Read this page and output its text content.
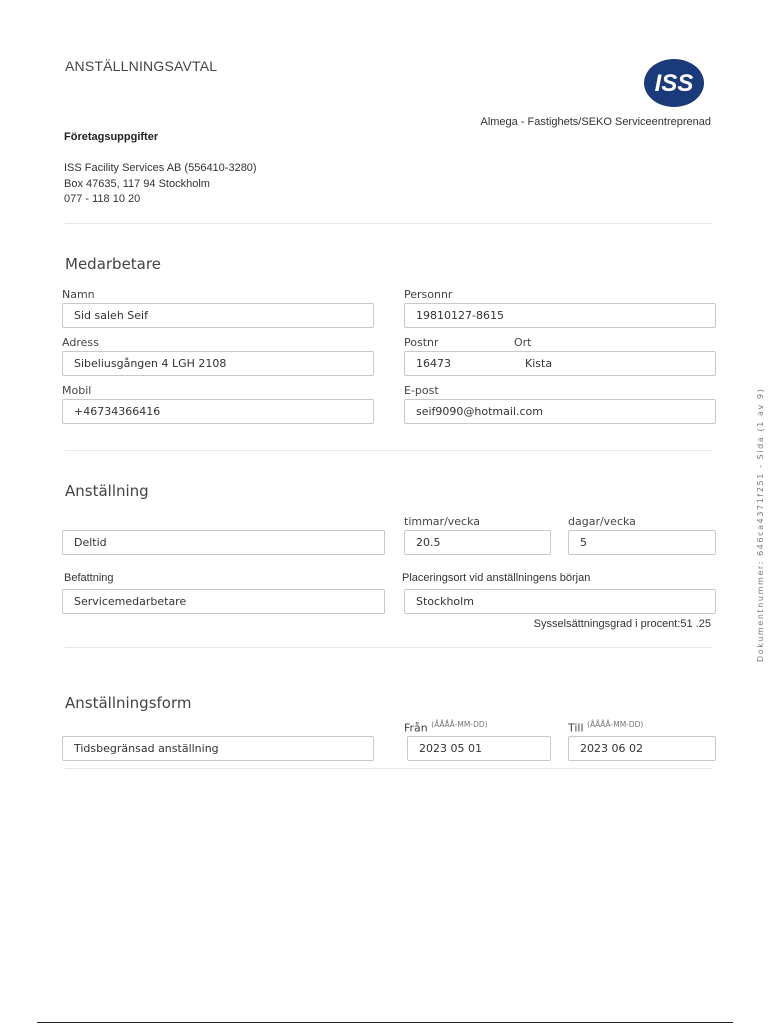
ANSTÄLLNINGSAVTAL
ISS
Almega - Fastighets/SEKO Serviceentreprenad
Företagsuppgifter
ISS Facility Services AB (556410-3280)
Box 47635, 117 94 Stockholm
077 - 118 10 20
Medarbetare
Namn
Sid saleh Seif
Personnr
19810127-8615
Adress
Sibeliusgången 4 LGH 2108
Postnr
16473
Ort
Kista
Mobil
+46734366416
E-post
seif9090@hotmail.com
Anställning
Deltid
timmar/vecka
20.5
dagar/vecka
5
Befattning
Servicemedarbetare
Placeringsort vid anställningens början
Stockholm
Sysselsättningsgrad i procent:51 .25
Anställningsform
Tidsbegränsad anställning
Från $^{(ÅÅÅÅ-MM-DD)}$
2023 05 01
Till $^{(ÅÅÅÅ-MM-DD)}$
2023 06 02
Dokumentnummer: 646ca4371f251 - Sida (1 av 9)
